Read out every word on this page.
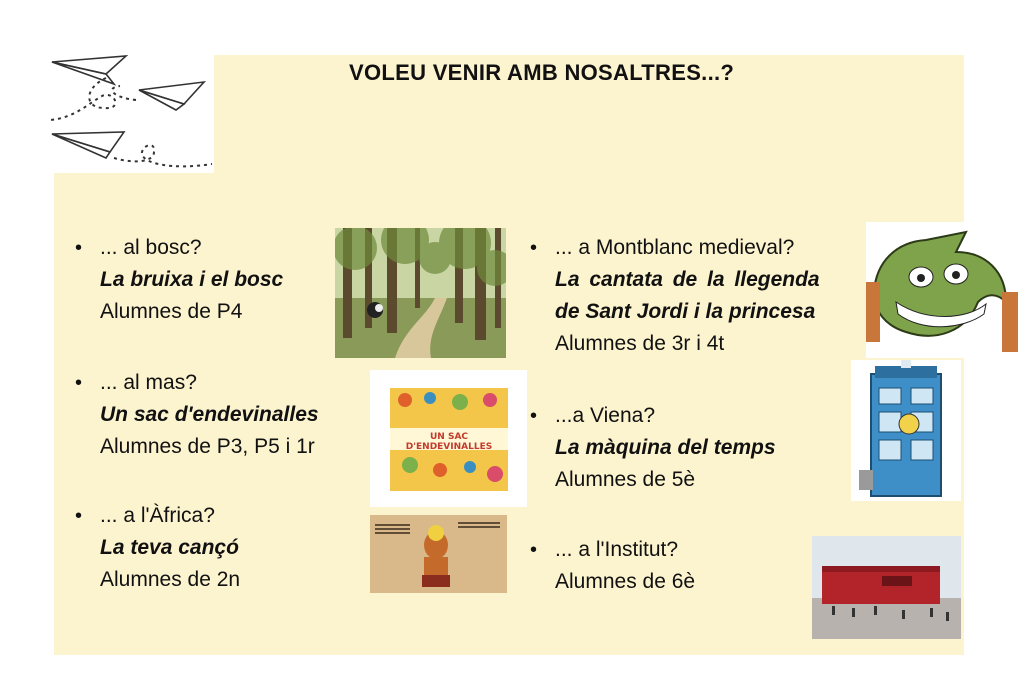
VOLEU VENIR AMB NOSALTRES...?
• ... al bosc?
La bruixa i el bosc
Alumnes de P4
• ... al mas?
Un sac d'endevinalles
Alumnes de P3, P5 i 1r
• ... a l'Àfrica?
La teva cançó
Alumnes de 2n
• ... a Montblanc medieval?
La cantata de la llegenda
de Sant Jordi i la princesa
Alumnes de 3r i 4t
• ...a Viena?
La màquina del temps
Alumnes de 5è
• ... a l'Institut?
Alumnes de 6è
UN SAC D'ENDEVINALLES
